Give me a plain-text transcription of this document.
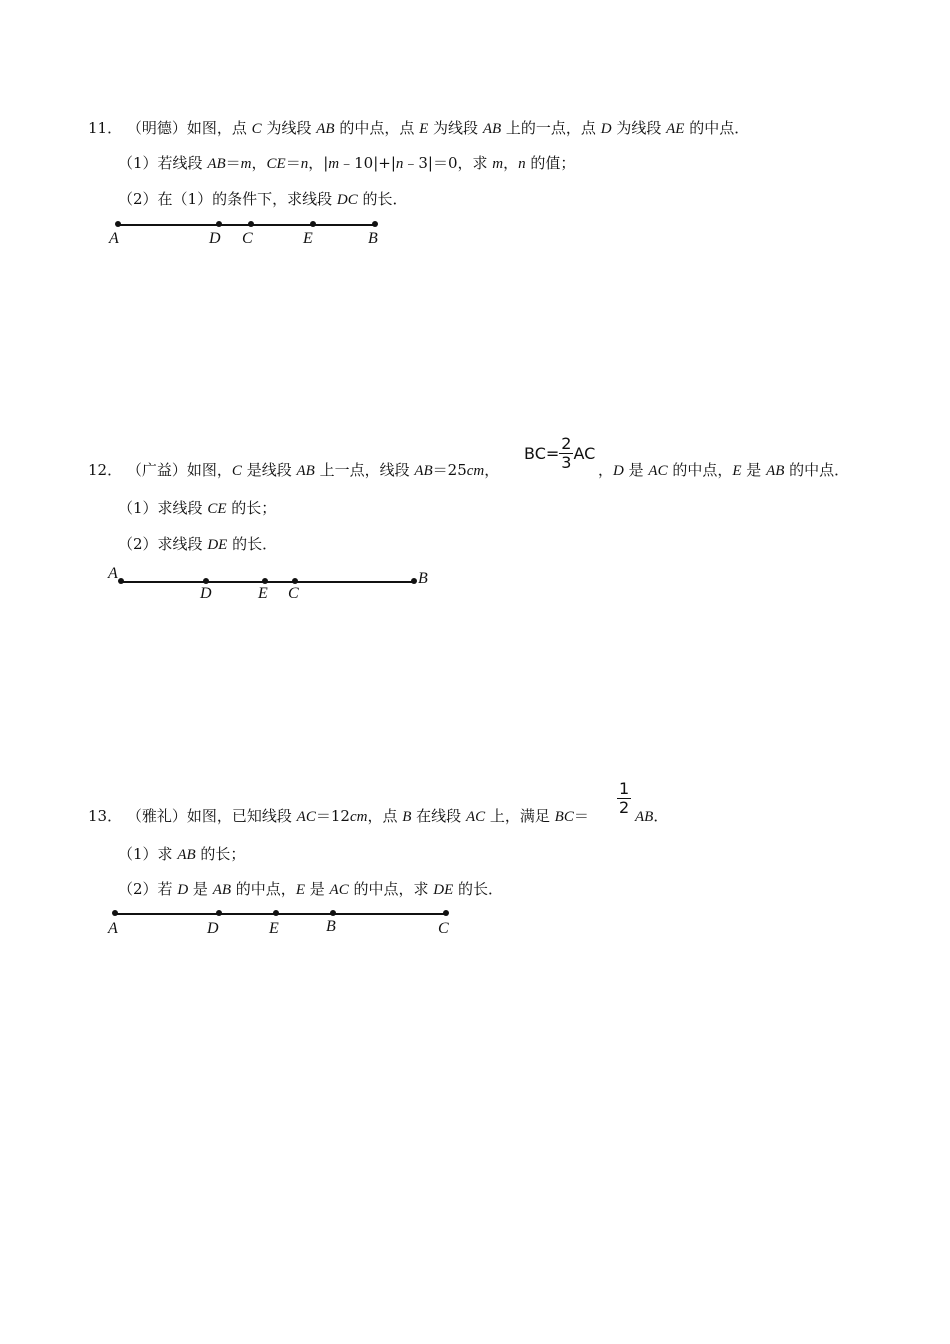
11． （明德）如图，点 C 为线段 AB 的中点，点 E 为线段 AB 上的一点，点 D 为线段 AE 的中点．
（1）若线段 AB＝m，CE＝n，|m﹣10|+|n﹣3|＝0，求 m，n 的值；
（2）在（1）的条件下，求线段 DC 的长．
A	D C	E	B
12． （广益）如图，C 是线段 AB 上一点，线段 AB＝25cm，
$BC= \frac{2}{3}$ AC
，D 是 AC 的中点，E 是 AB 的中点．
（1）求线段 CE 的长；
（2）求线段 DE 的长．
A
D	E C
B
13． （雅礼）如图，已知线段 AC＝12cm，点 B 在线段 AC 上，满足 $BC= \frac{1}{2}$ AB．
（1）求 AB 的长；
（2）若 D 是 AB 的中点，E 是 AC 的中点，求 DE 的长．
A	D	E	B	C
